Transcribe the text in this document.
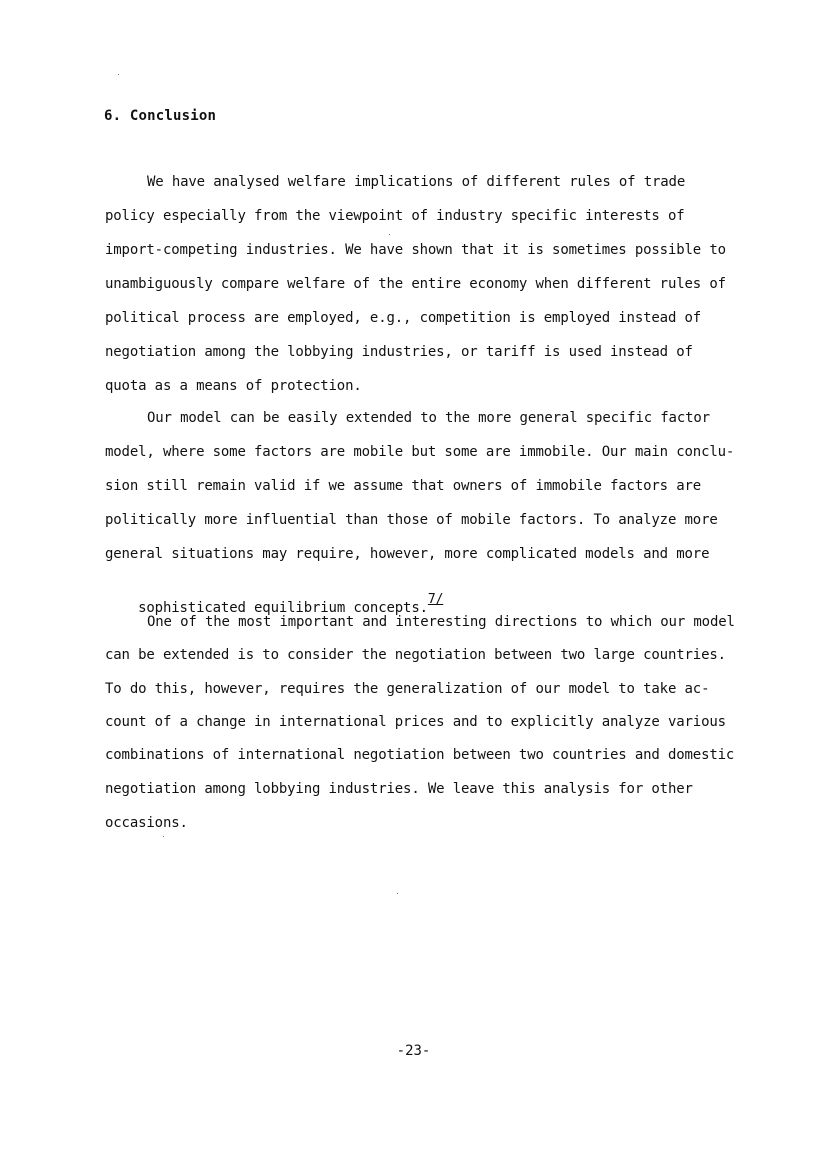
6. Conclusion
We have analysed welfare implications of different rules of trade
policy especially from the viewpoint of industry specific interests of
import-competing industries. We have shown that it is sometimes possible to
unambiguously compare welfare of the entire economy when different rules of
political process are employed, e.g., competition is employed instead of
negotiation among the lobbying industries, or tariff is used instead of
quota as a means of protection.
Our model can be easily extended to the more general specific factor
model, where some factors are mobile but some are immobile. Our main conclu-
sion still remain valid if we assume that owners of immobile factors are
politically more influential than those of mobile factors. To analyze more
general situations may require, however, more complicated models and more

sophisticated equilibrium concepts.7/

One of the most important and interesting directions to which our model
can be extended is to consider the negotiation between two large countries.
To do this, however, requires the generalization of our model to take ac-
count of a change in international prices and to explicitly analyze various
combinations of international negotiation between two countries and domestic
negotiation among lobbying industries. We leave this analysis for other
occasions.
-23-
